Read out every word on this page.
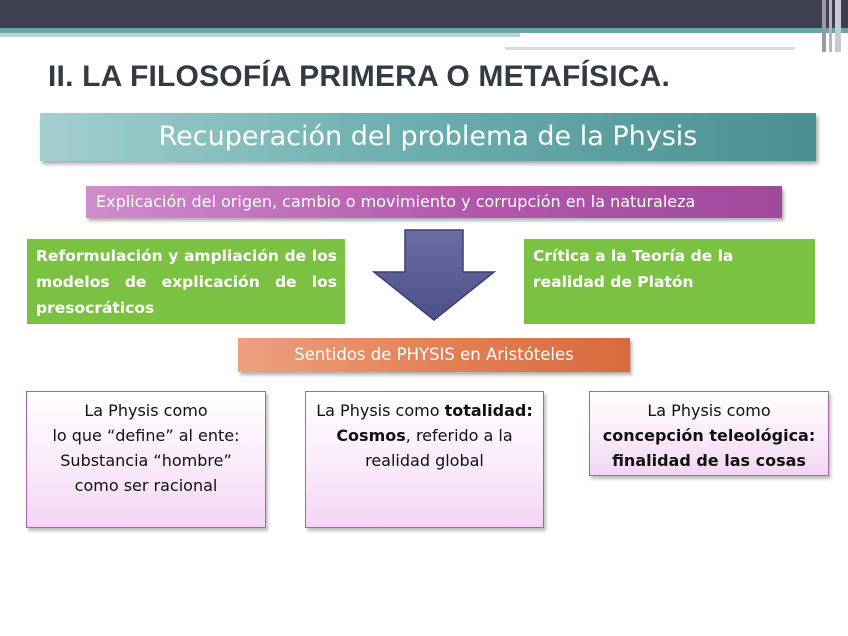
II. LA FILOSOFÍA PRIMERA O METAFÍSICA.
Recuperación del problema de la Physis
Explicación del origen, cambio o movimiento y corrupción en la naturaleza
Reformulación y ampliación de los modelos de explicación de los presocráticos
Crítica a la Teoría de la realidad de Platón
Sentidos de PHYSIS en Aristóteles
La Physis como
lo que “define” al ente:
Substancia “hombre”
como ser racional
La Physis como totalidad:
Cosmos, referido a la
realidad global
La Physis como
concepción teleológica:
finalidad de las cosas
